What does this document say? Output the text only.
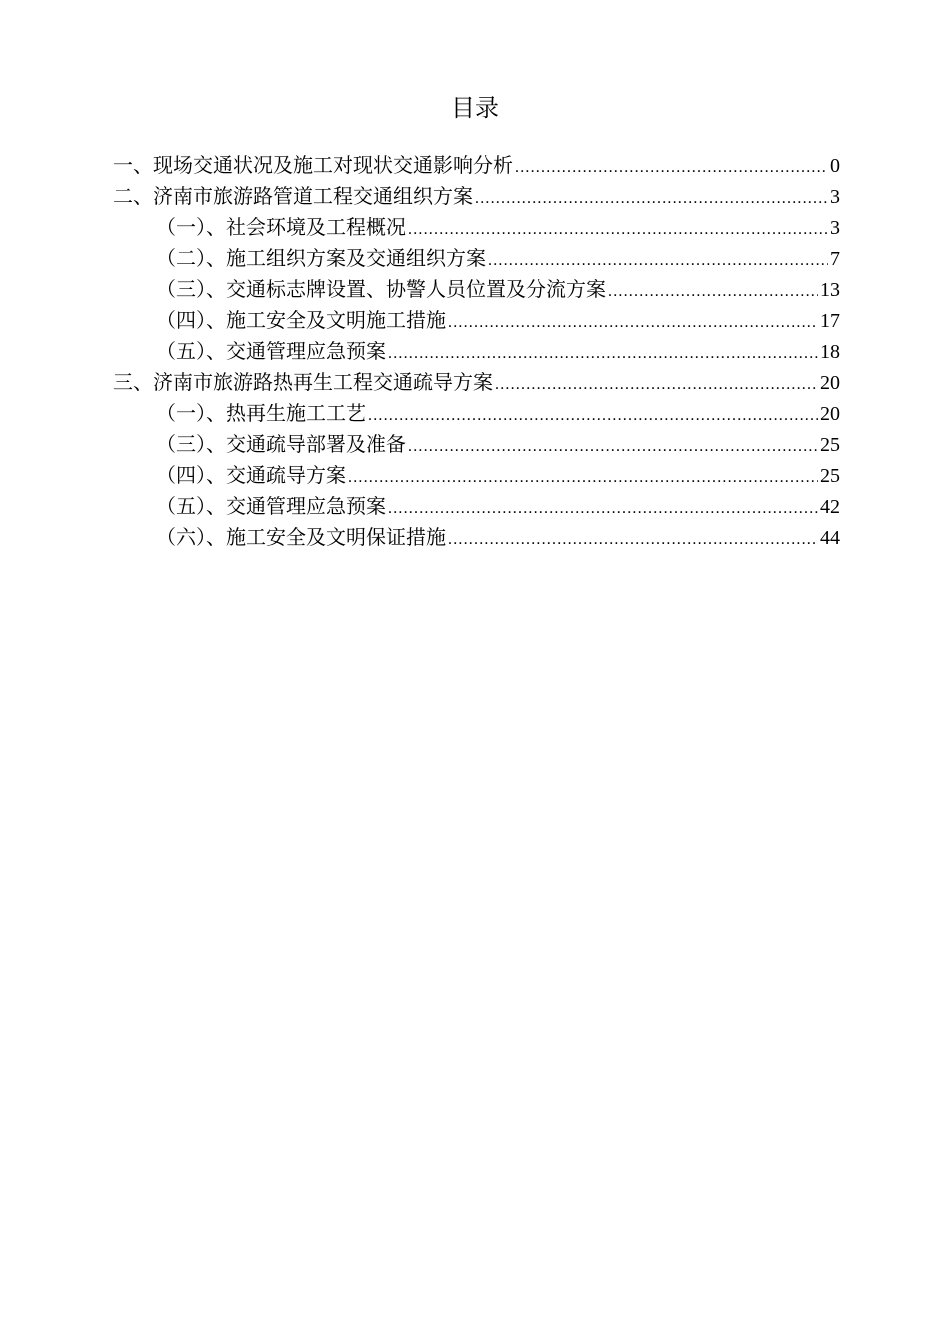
目录
一、现场交通状况及施工对现状交通影响分析 .....	0
二、济南市旅游路管道工程交通组织方案 .....	3
（一）、社会环境及工程概况 .....	3
（二）、施工组织方案及交通组织方案 .....	7
（三）、交通标志牌设置、协警人员位置及分流方案 .....	13
（四）、施工安全及文明施工措施 .....	17
（五）、交通管理应急预案 .....	18
三、济南市旅游路热再生工程交通疏导方案 .....	20
（一）、热再生施工工艺 .....	20
（三）、交通疏导部署及准备 .....	25
（四）、交通疏导方案 .....	25
（五）、交通管理应急预案 .....	42
（六）、施工安全及文明保证措施 .....	44
